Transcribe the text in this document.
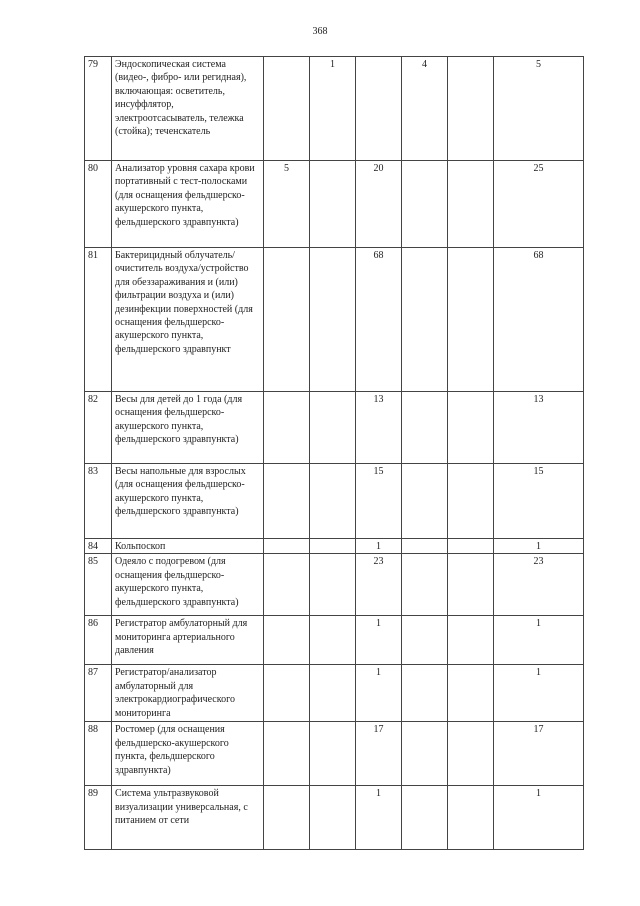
368
79	Эндоскопическая система (видео-, фибро- или регидная), включающая: осветитель, инсуффлятор, электроотсасыватель, тележка (стойка); теченскатель		1		4		5
80	Анализатор уровня сахара крови портативный с тест-полосками (для оснащения фельдшерско-акушерского пункта, фельдшерского здравпункта)	5		20			25
81	Бактерицидный облучатель/очиститель воздуха/устройство для обеззараживания и (или) фильтрации воздуха и (или) дезинфекции поверхностей (для оснащения фельдшерско-акушерского пункта, фельдшерского здравпункт			68			68
82	Весы для детей до 1 года (для оснащения фельдшерско-акушерского пункта, фельдшерского здравпункта)			13			13
83	Весы напольные для взрослых (для оснащения фельдшерско-акушерского пункта, фельдшерского здравпункта)			15			15
84	Кольпоскоп			1			1
85	Одеяло с подогревом (для оснащения фельдшерско-акушерского пункта, фельдшерского здравпункта)			23			23
86	Регистратор амбулаторный для мониторинга артериального давления			1			1
87	Регистратор/анализатор амбулаторный для электрокардиографического мониторинга			1			1
88	Ростомер (для оснащения фельдшерско-акушерского пункта, фельдшерского здравпункта)			17			17
89	Система ультразвуковой визуализации универсальная, с питанием от сети			1			1
